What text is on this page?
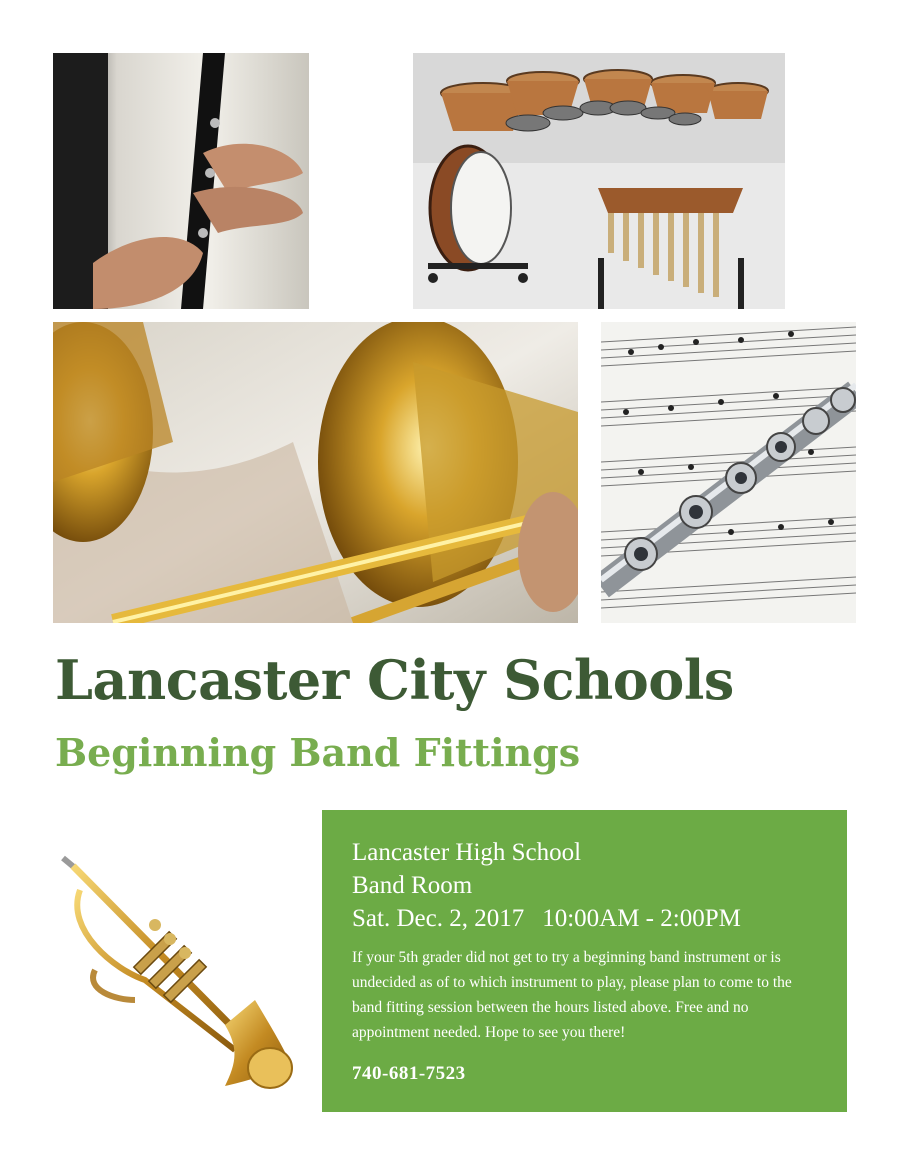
Lancaster City Schools
Beginning Band Fittings
Lancaster High School
Band Room
Sat. Dec. 2, 2017 10:00AM - 2:00PM
If your 5th grader did not get to try a beginning band instrument or is undecided as of to which instrument to play, please plan to come to the band fitting session between the hours listed above. Free and no appointment needed. Hope to see you there!
740-681-7523
